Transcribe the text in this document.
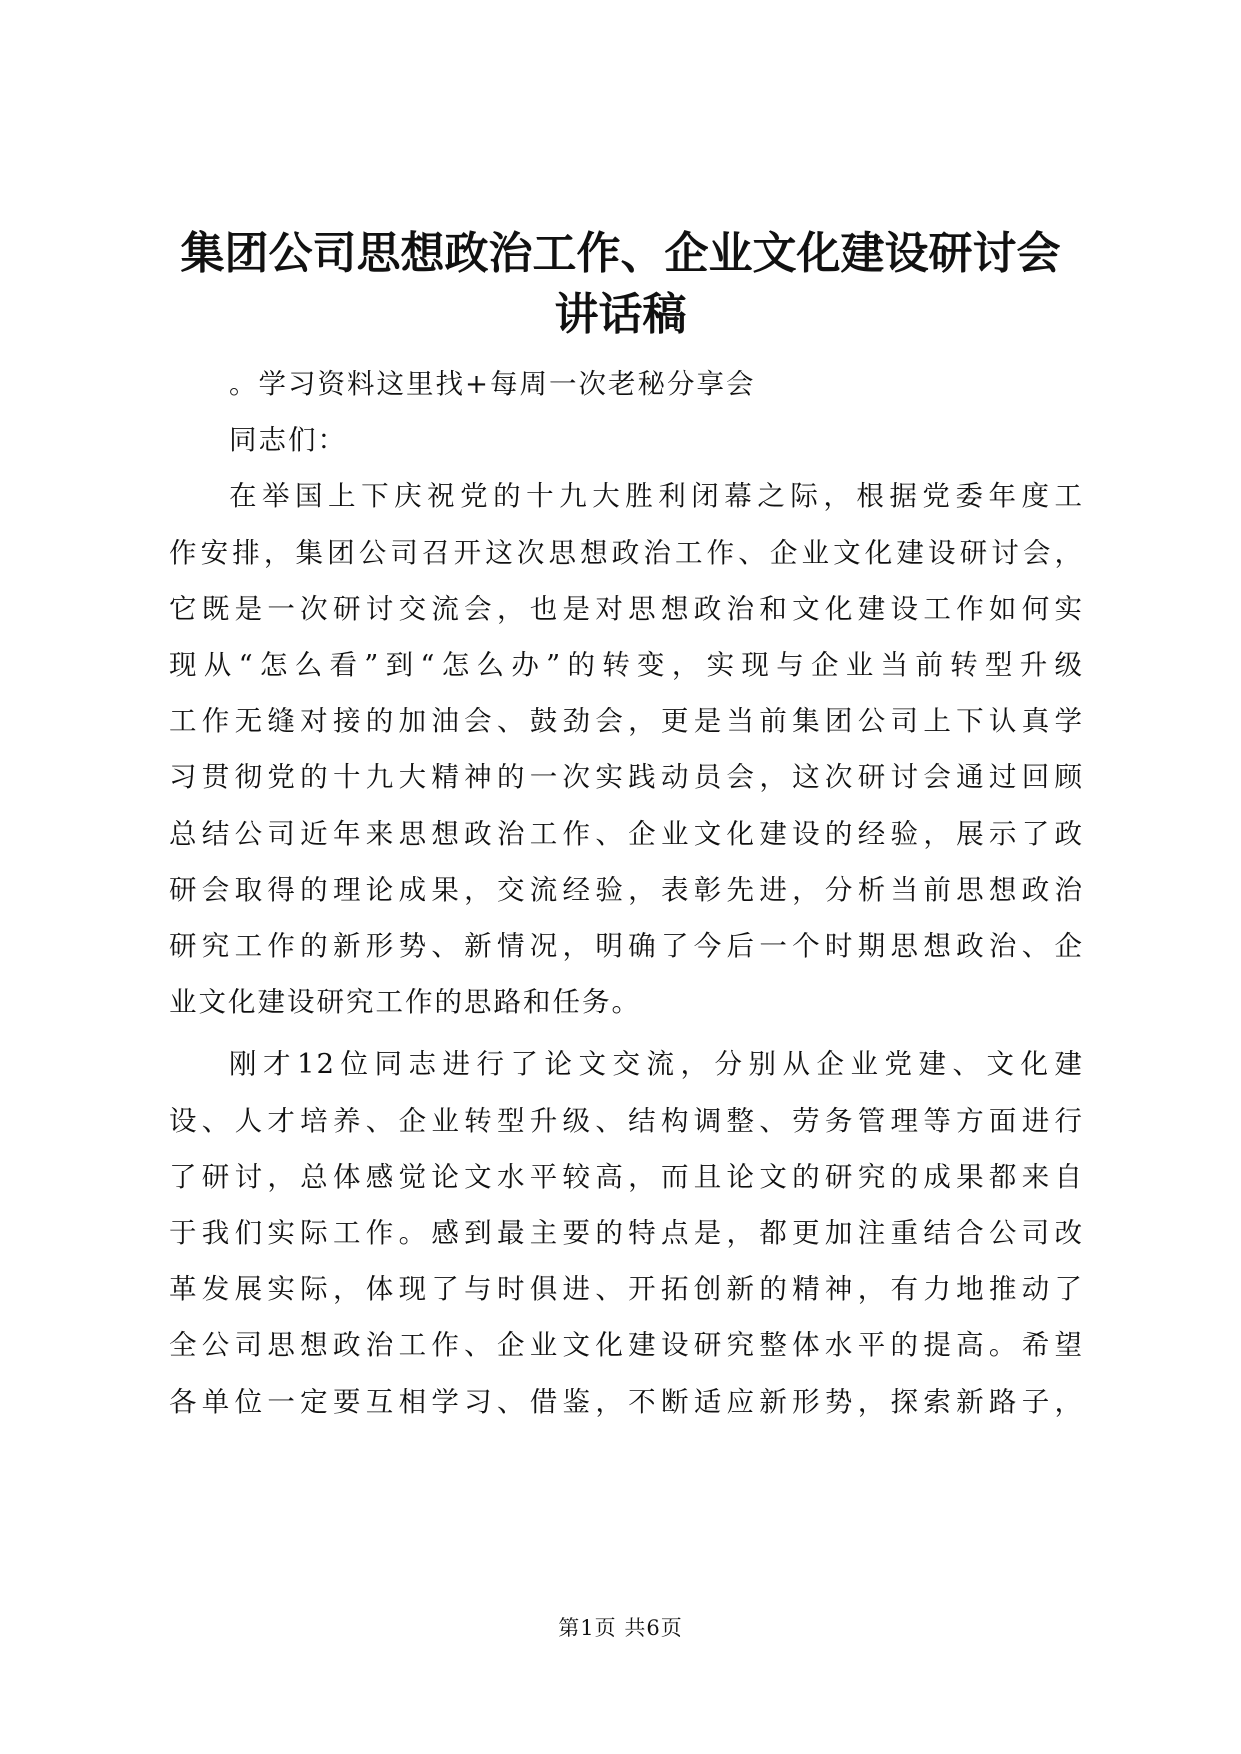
集团公司思想政治工作、企业文化建设研讨会
讲话稿

。学习资料这里找+每周一次老秘分享会

同志们：

在举国上下庆祝党的十九大胜利闭幕之际，根据党委年度工

作安排，集团公司召开这次思想政治工作、企业文化建设研讨会，

它既是一次研讨交流会，也是对思想政治和文化建设工作如何实

现从“怎么看”到“怎么办”的转变，实现与企业当前转型升级

工作无缝对接的加油会、鼓劲会，更是当前集团公司上下认真学

习贯彻党的十九大精神的一次实践动员会，这次研讨会通过回顾

总结公司近年来思想政治工作、企业文化建设的经验，展示了政

研会取得的理论成果，交流经验，表彰先进，分析当前思想政治

研究工作的新形势、新情况，明确了今后一个时期思想政治、企

业文化建设研究工作的思路和任务。

刚才12位同志进行了论文交流，分别从企业党建、文化建

设、人才培养、企业转型升级、结构调整、劳务管理等方面进行

了研讨，总体感觉论文水平较高，而且论文的研究的成果都来自

于我们实际工作。感到最主要的特点是，都更加注重结合公司改

革发展实际，体现了与时俱进、开拓创新的精神，有力地推动了

全公司思想政治工作、企业文化建设研究整体水平的提高。希望

各单位一定要互相学习、借鉴，不断适应新形势，探索新路子，

第1页 共6页
